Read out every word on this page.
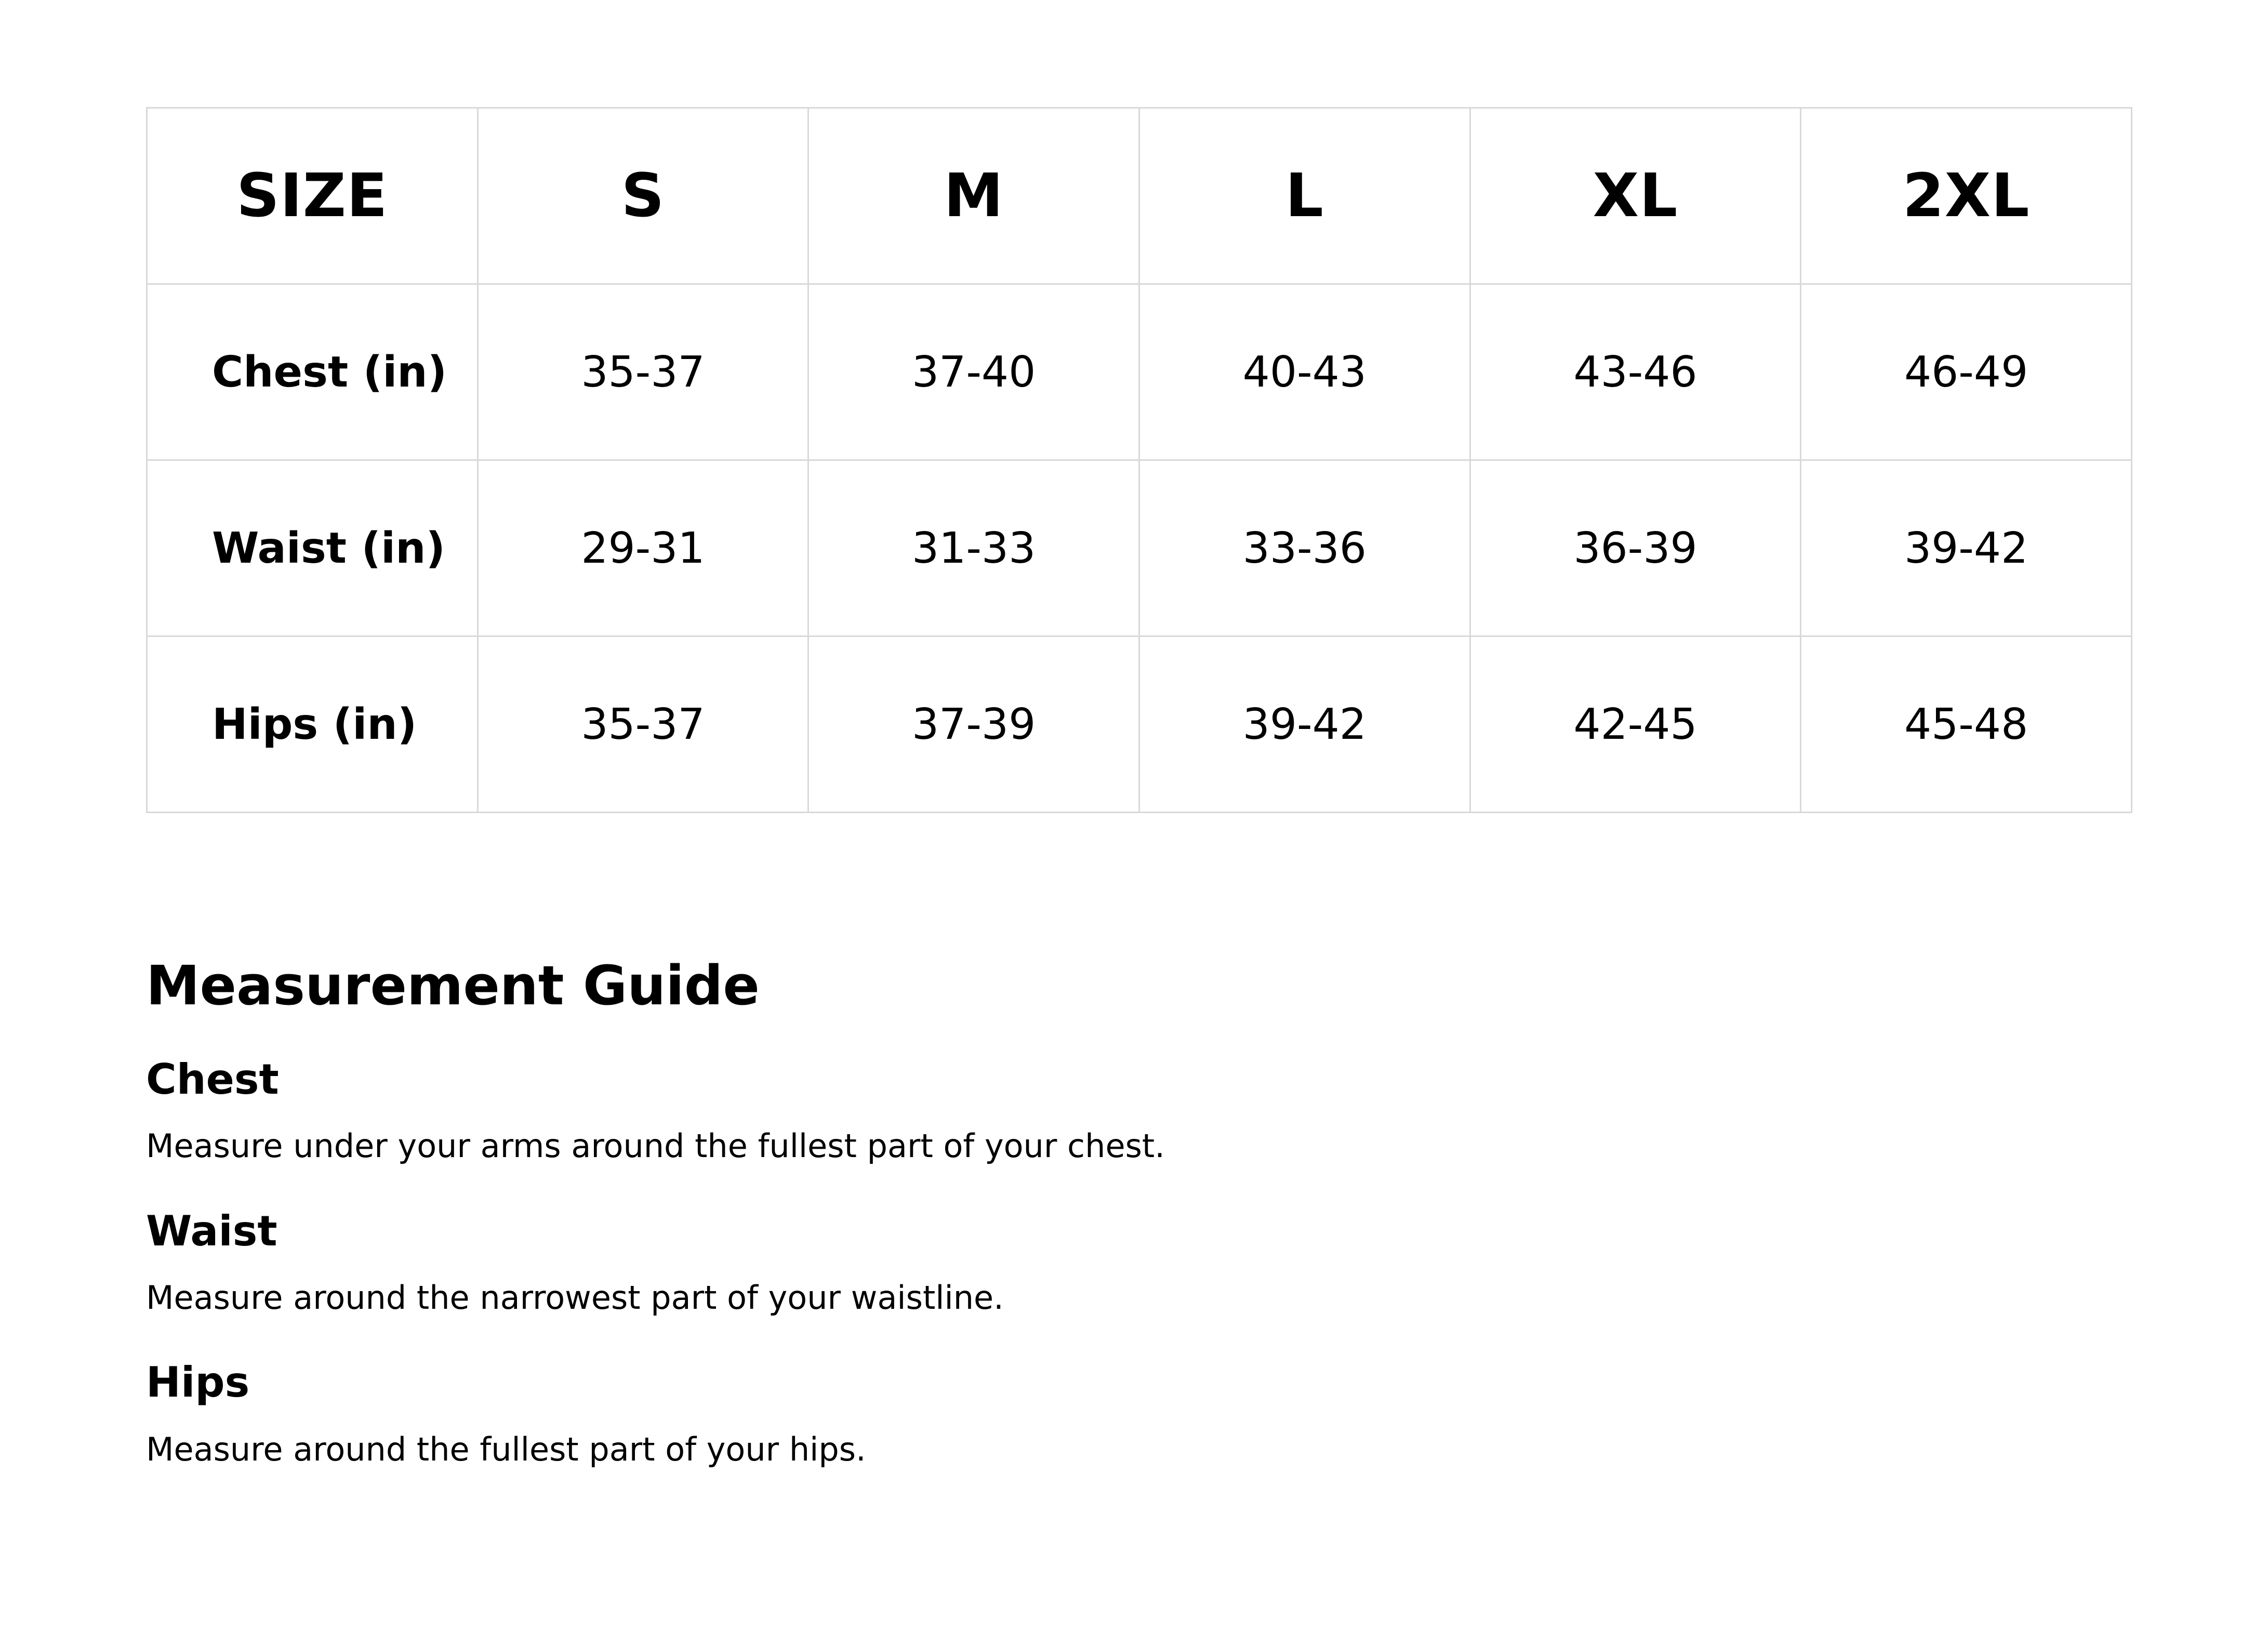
SIZE	S	M	L	XL	2XL
Chest (in)	35-37	37-40	40-43	43-46	46-49
Waist (in)	29-31	31-33	33-36	36-39	39-42
Hips (in)	35-37	37-39	39-42	42-45	45-48
Measurement Guide
Chest

Measure under your arms around the fullest part of your chest.

Waist

Measure around the narrowest part of your waistline.

Hips

Measure around the fullest part of your hips.
